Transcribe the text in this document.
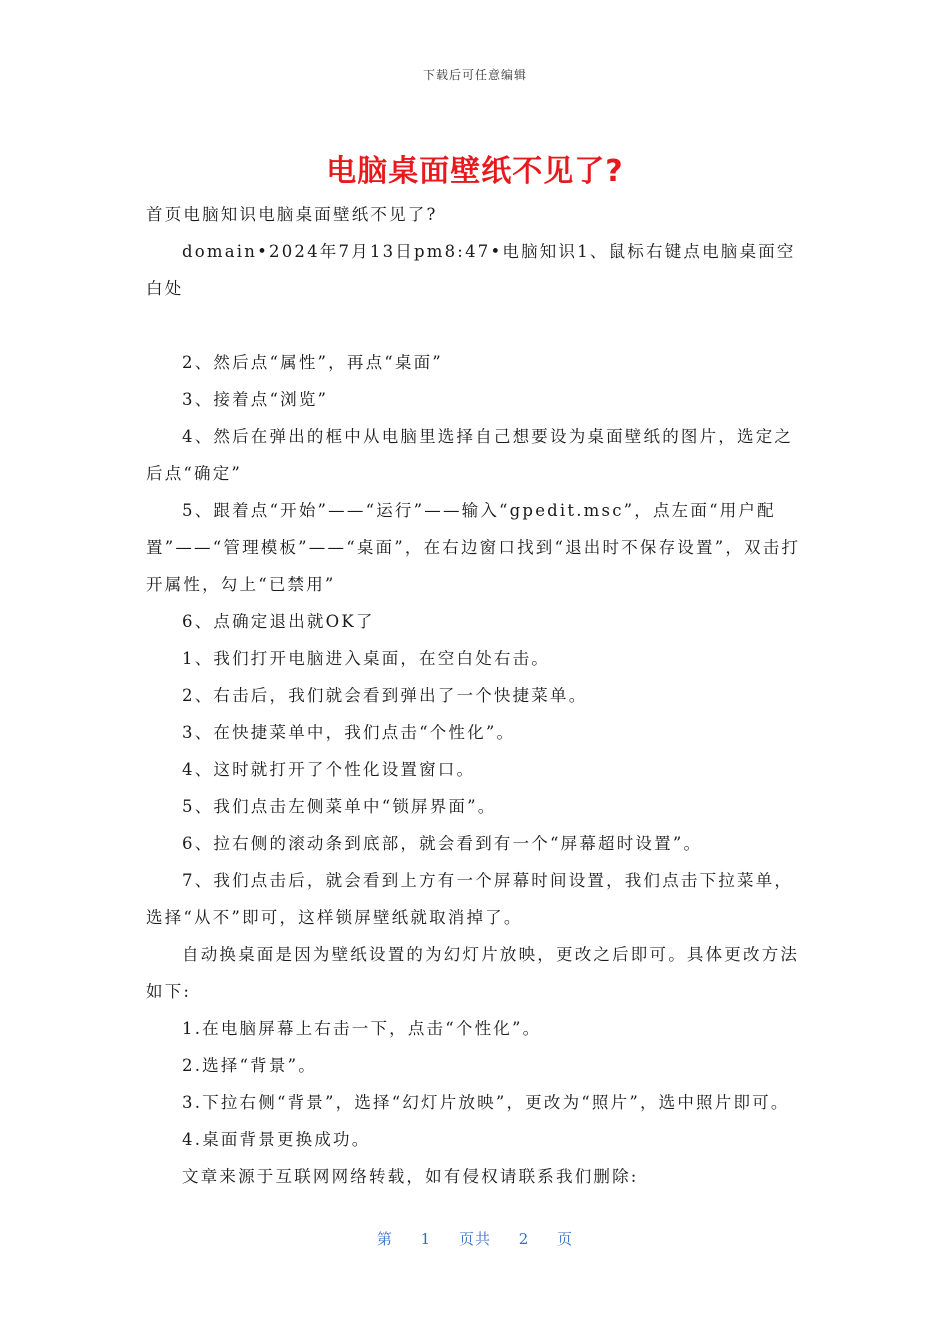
下载后可任意编辑
电脑桌面壁纸不见了?

首页电脑知识电脑桌面壁纸不见了?

domain•2024年7月13日pm8:47•电脑知识1、鼠标右键点电脑桌面空白处

2、然后点“属性”，再点“桌面”

3、接着点“浏览”

4、然后在弹出的框中从电脑里选择自己想要设为桌面壁纸的图片，选定之后点“确定”

5、跟着点“开始”——“运行”——输入“gpedit.msc”，点左面“用户配置”——“管理模板”——“桌面”，在右边窗口找到“退出时不保存设置”，双击打开属性，勾上“已禁用”

6、点确定退出就OK了

1、我们打开电脑进入桌面，在空白处右击。

2、右击后，我们就会看到弹出了一个快捷菜单。

3、在快捷菜单中，我们点击“个性化”。

4、这时就打开了个性化设置窗口。

5、我们点击左侧菜单中“锁屏界面”。

6、拉右侧的滚动条到底部，就会看到有一个“屏幕超时设置”。

7、我们点击后，就会看到上方有一个屏幕时间设置，我们点击下拉菜单，选择“从不”即可，这样锁屏壁纸就取消掉了。

自动换桌面是因为壁纸设置的为幻灯片放映，更改之后即可。具体更改方法如下:

1.在电脑屏幕上右击一下，点击“个性化”。

2.选择“背景”。

3.下拉右侧“背景”，选择“幻灯片放映”，更改为“照片”，选中照片即可。

4.桌面背景更换成功。

文章来源于互联网网络转载，如有侵权请联系我们删除:

第 1 页共 2 页
